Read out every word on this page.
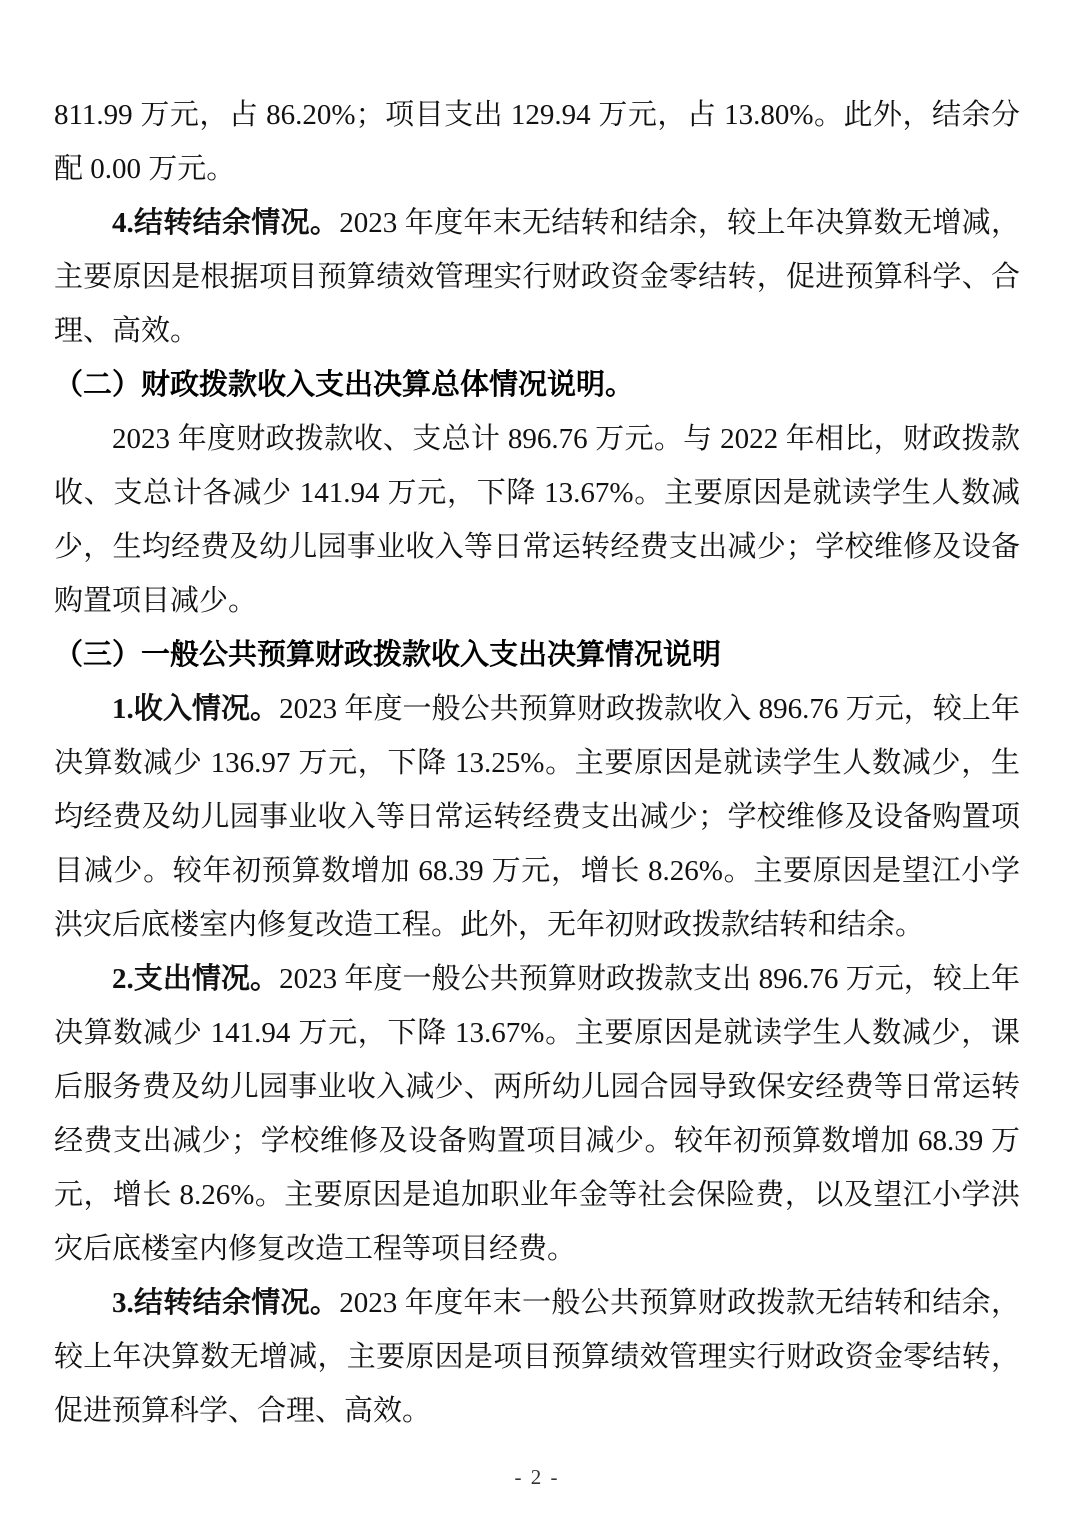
811.99 万元，占 86.20%；项目支出 129.94 万元，占 13.80%。此外，结余分配 0.00 万元。

4.结转结余情况。2023 年度年末无结转和结余，较上年决算数无增减，主要原因是根据项目预算绩效管理实行财政资金零结转，促进预算科学、合理、高效。

（二）财政拨款收入支出决算总体情况说明。

2023 年度财政拨款收、支总计 896.76 万元。与 2022 年相比，财政拨款收、支总计各减少 141.94 万元，下降 13.67%。主要原因是就读学生人数减少，生均经费及幼儿园事业收入等日常运转经费支出减少；学校维修及设备购置项目减少。

（三）一般公共预算财政拨款收入支出决算情况说明

1.收入情况。2023 年度一般公共预算财政拨款收入 896.76 万元，较上年决算数减少 136.97 万元，下降 13.25%。主要原因是就读学生人数减少，生均经费及幼儿园事业收入等日常运转经费支出减少；学校维修及设备购置项目减少。较年初预算数增加 68.39 万元，增长 8.26%。主要原因是望江小学洪灾后底楼室内修复改造工程。此外，无年初财政拨款结转和结余。

2.支出情况。2023 年度一般公共预算财政拨款支出 896.76 万元，较上年决算数减少 141.94 万元，下降 13.67%。主要原因是就读学生人数减少，课后服务费及幼儿园事业收入减少、两所幼儿园合园导致保安经费等日常运转经费支出减少；学校维修及设备购置项目减少。较年初预算数增加 68.39 万元，增长 8.26%。主要原因是追加职业年金等社会保险费，以及望江小学洪灾后底楼室内修复改造工程等项目经费。

3.结转结余情况。2023 年度年末一般公共预算财政拨款无结转和结余，较上年决算数无增减，主要原因是项目预算绩效管理实行财政资金零结转，促进预算科学、合理、高效。

- 2 -
